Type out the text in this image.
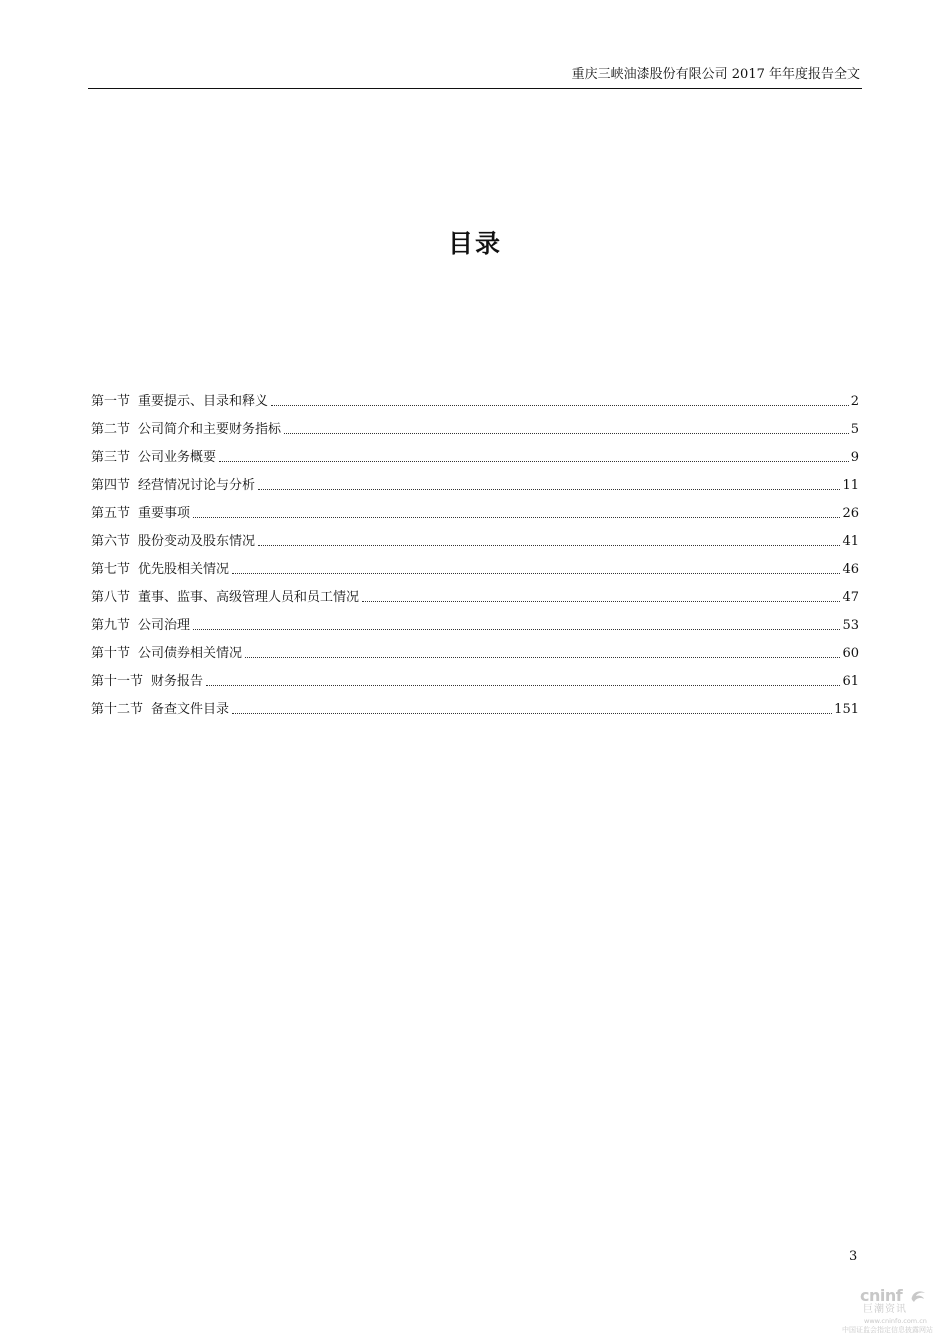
重庆三峡油漆股份有限公司 2017 年年度报告全文
目录
第一节 重要提示、目录和释义	2
第二节 公司简介和主要财务指标	5
第三节 公司业务概要	9
第四节 经营情况讨论与分析	11
第五节 重要事项	26
第六节 股份变动及股东情况	41
第七节 优先股相关情况	46
第八节 董事、监事、高级管理人员和员工情况	47
第九节 公司治理	53
第十节 公司债券相关情况	60
第十一节 财务报告	61
第十二节 备查文件目录	151
3
cninf
巨潮资讯
www.cninfo.com.cn
中国证监会指定信息披露网站
